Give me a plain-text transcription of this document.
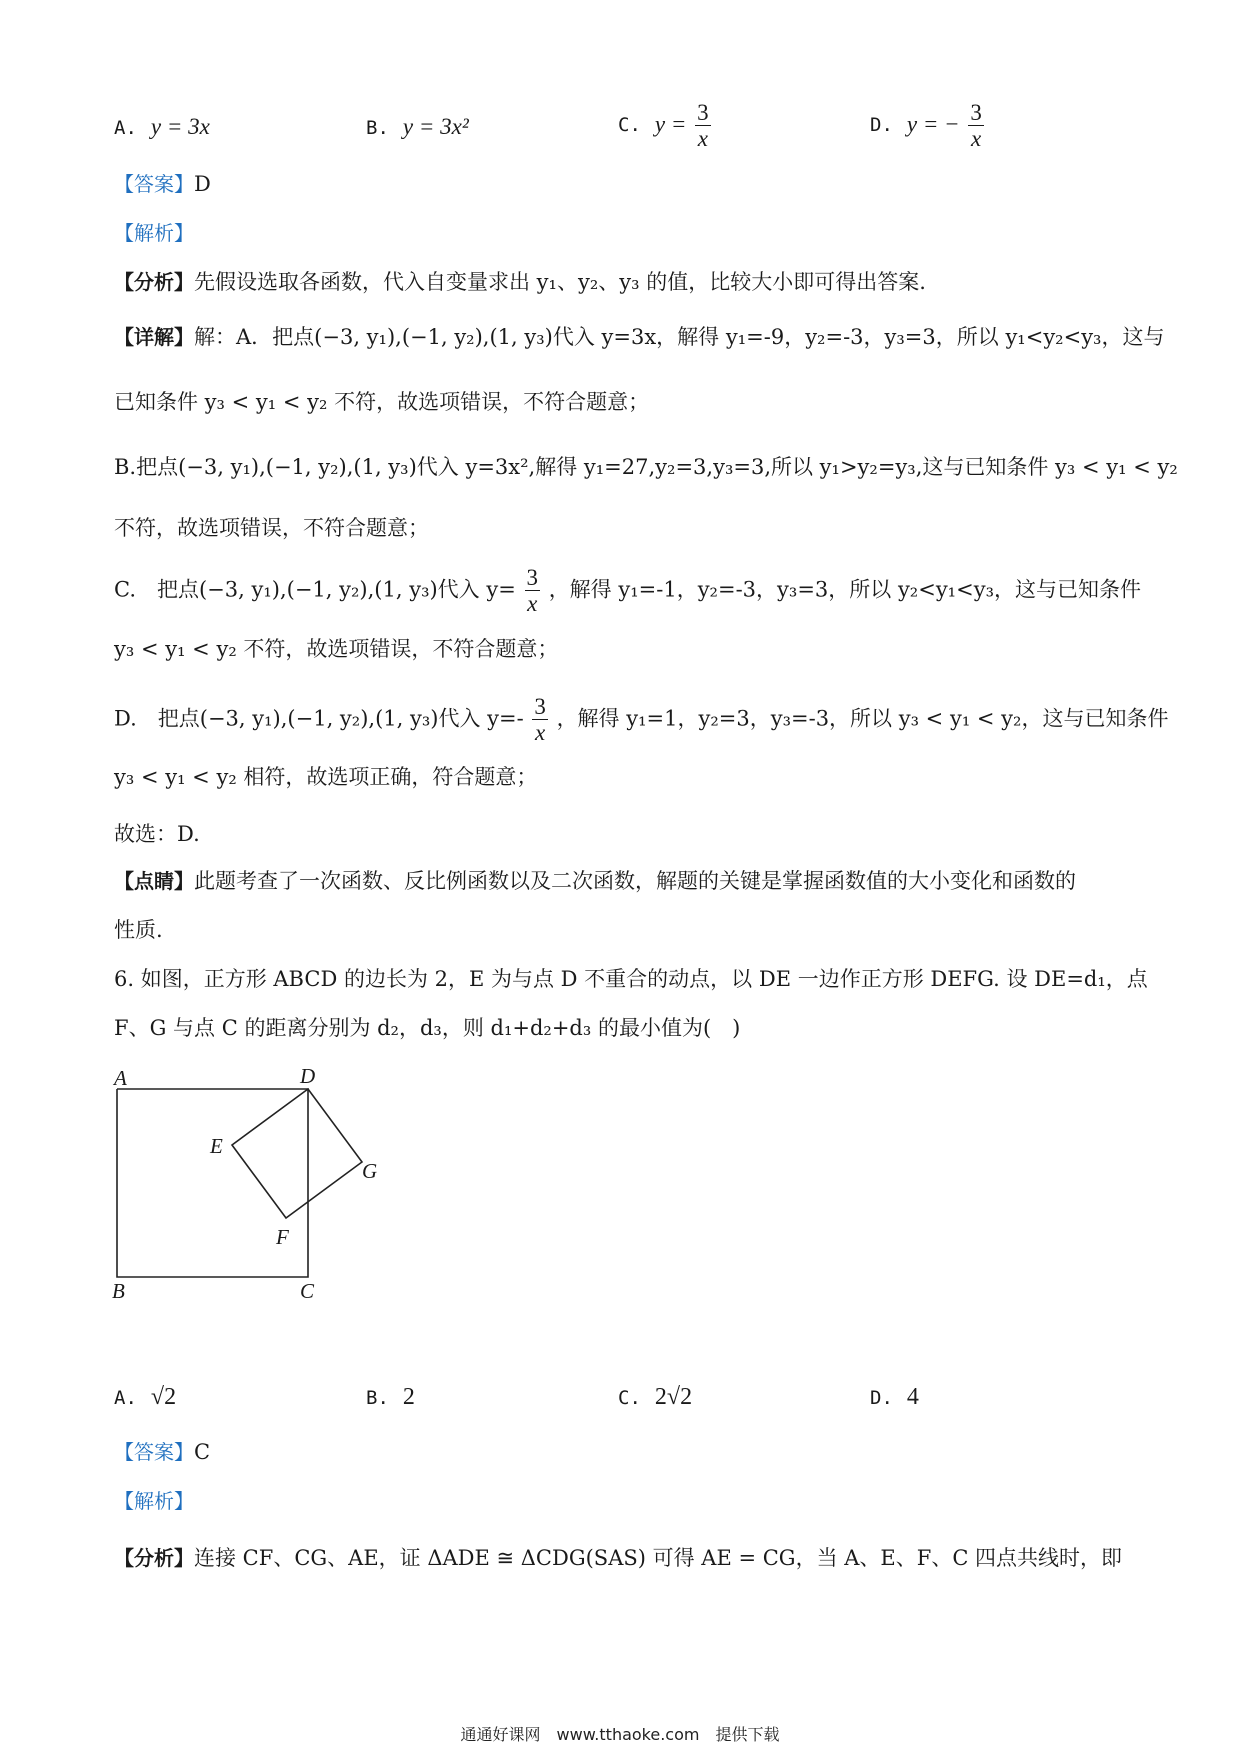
A. y = 3x	B. y = 3x²	C. $y = \frac{3}{x}$	D. y = − $\frac{3}{x}$
【答案】D
【解析】
【分析】先假设选取各函数，代入自变量求出 y₁、y₂、y₃ 的值，比较大小即可得出答案.
【详解】解：A．把点(−3, y₁),(−1, y₂),(1, y₃)代入 y=3x，解得 y₁=-9，y₂=-3，y₃=3，所以 y₁<y₂<y₃，这与
已知条件 y₃ < y₁ < y₂ 不符，故选项错误，不符合题意；
B.把点(−3, y₁),(−1, y₂),(1, y₃)代入 y=3x²,解得 y₁=27,y₂=3,y₃=3,所以 y₁>y₂=y₃,这与已知条件 y₃ < y₁ < y₂
不符，故选项错误，不符合题意；
C.　把点(−3, y₁),(−1, y₂),(1, y₃)代入 $y= \frac{3}{x}$ ，解得 y₁=-1，y₂=-3，y₃=3，所以 y₂<y₁<y₃，这与已知条件
y₃ < y₁ < y₂ 不符，故选项错误，不符合题意；
D.　把点(−3, y₁),(−1, y₂),(1, y₃)代入 $y=- \frac{3}{x}$ ，解得 y₁=1，y₂=3，y₃=-3，所以 y₃ < y₁ < y₂，这与已知条件
y₃ < y₁ < y₂ 相符，故选项正确，符合题意；
故选：D.
【点睛】此题考查了一次函数、反比例函数以及二次函数，解题的关键是掌握函数值的大小变化和函数的
性质.
6. 如图，正方形 ABCD 的边长为 2，E 为与点 D 不重合的动点，以 DE 一边作正方形 DEFG. 设 DE=d₁，点
F、G 与点 C 的距离分别为 d₂，d₃，则 d₁+d₂+d₃ 的最小值为(　)
A	D
E
G
F
B	C
A. √2	B. 2	C. 2√2	D. 4
【答案】C
【解析】
【分析】连接 CF、CG、AE，证 ΔADE ≅ ΔCDG(SAS) 可得 AE = CG，当 A、E、F、C 四点共线时，即
通通好课网　www.tthaoke.com　提供下载
